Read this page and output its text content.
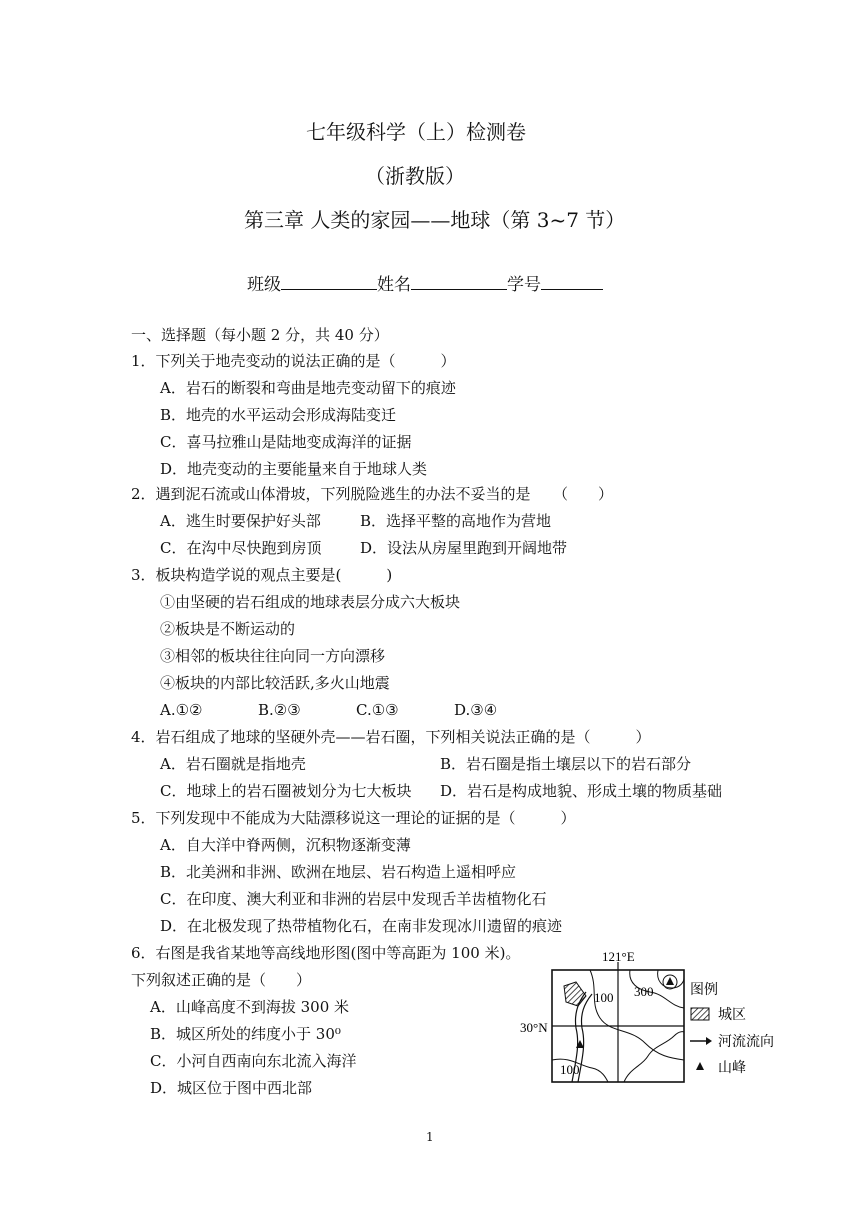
七年级科学（上）检测卷
（浙教版）
第三章 人类的家园——地球（第 3~7 节）
班级	姓名	学号
一、选择题（每小题 2 分，共 40 分）
1．下列关于地壳变动的说法正确的是（　　　）
A．岩石的断裂和弯曲是地壳变动留下的痕迹
B．地壳的水平运动会形成海陆变迁
C．喜马拉雅山是陆地变成海洋的证据
D．地壳变动的主要能量来自于地球人类
2．遇到泥石流或山体滑坡，下列脱险逃生的办法不妥当的是　　（　　）
A．逃生时要保护好头部	B．选择平整的高地作为营地
C．在沟中尽快跑到房顶	D．设法从房屋里跑到开阔地带
3．板块构造学说的观点主要是(　　　)
①由坚硬的岩石组成的地球表层分成六大板块
②板块是不断运动的
③相邻的板块往往向同一方向漂移
④板块的内部比较活跃,多火山地震
A.①②	B.②③	C.①③	D.③④
4．岩石组成了地球的坚硬外壳——岩石圈，下列相关说法正确的是（　　　）
A．岩石圈就是指地壳	B．岩石圈是指土壤层以下的岩石部分
C．地球上的岩石圈被划分为七大板块 D．岩石是构成地貌、形成土壤的物质基础
5．下列发现中不能成为大陆漂移说这一理论的证据的是（　　　）
A．自大洋中脊两侧，沉积物逐渐变薄
B．北美洲和非洲、欧洲在地层、岩石构造上遥相呼应
C．在印度、澳大利亚和非洲的岩层中发现舌羊齿植物化石
D．在北极发现了热带植物化石，在南非发现冰川遗留的痕迹
6．右图是我省某地等高线地形图(图中等高距为 100 米)。
下列叙述正确的是（　　）
A．山峰高度不到海拔 300 米
B．城区所处的纬度小于 30⁰
C．小河自西南向东北流入海洋
D．城区位于图中西北部
121°E
30°N
100 300
100
图例
城区
河流流向
山峰
1
